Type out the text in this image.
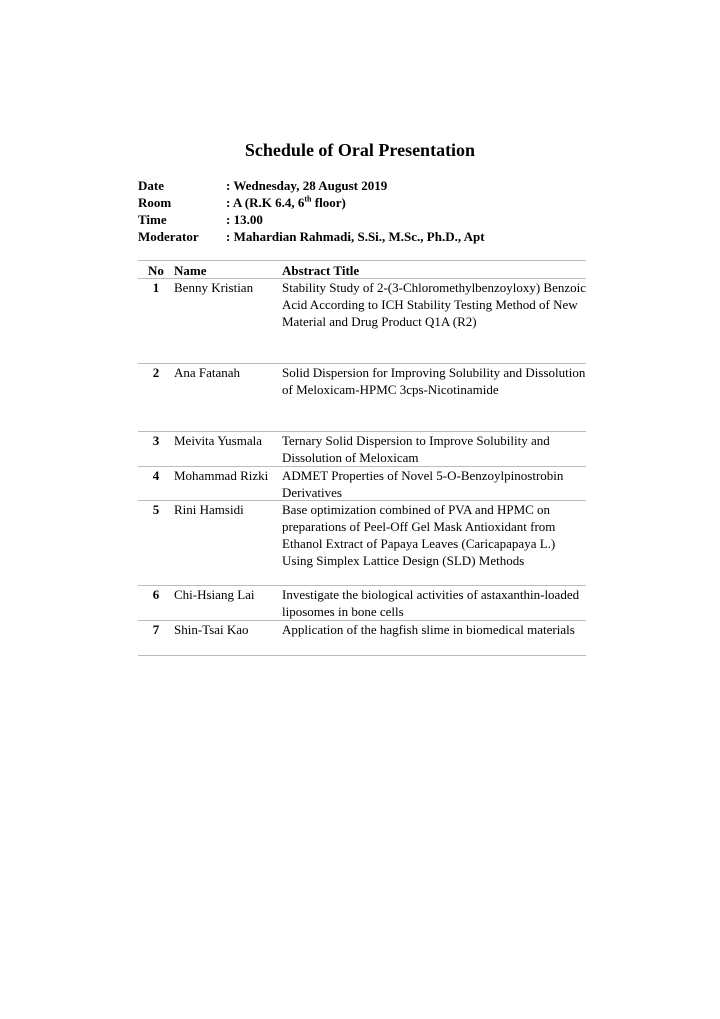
Schedule of Oral Presentation
Date	: Wednesday, 28 August 2019
Room	: A (R.K 6.4, 6th floor)
Time	: 13.00
Moderator	: Mahardian Rahmadi, S.Si., M.Sc., Ph.D., Apt
No Name	Abstract Title
1	Benny Kristian	Stability Study of 2-(3-Chloromethylbenzoyloxy) Benzoic Acid According to ICH Stability Testing Method of New Material and Drug Product Q1A (R2)
2	Ana Fatanah	Solid Dispersion for Improving Solubility and Dissolution of Meloxicam-HPMC 3cps-Nicotinamide
3	Meivita Yusmala	Ternary Solid Dispersion to Improve Solubility and Dissolution of Meloxicam
4	Mohammad Rizki	ADMET Properties of Novel 5-O-Benzoylpinostrobin Derivatives
5	Rini Hamsidi	Base optimization combined of PVA and HPMC on preparations of Peel-Off Gel Mask Antioxidant from Ethanol Extract of Papaya Leaves (Caricapapaya L.) Using Simplex Lattice Design (SLD) Methods
6	Chi-Hsiang Lai	Investigate the biological activities of astaxanthin-loaded liposomes in bone cells
7	Shin-Tsai Kao	Application of the hagfish slime in biomedical materials
